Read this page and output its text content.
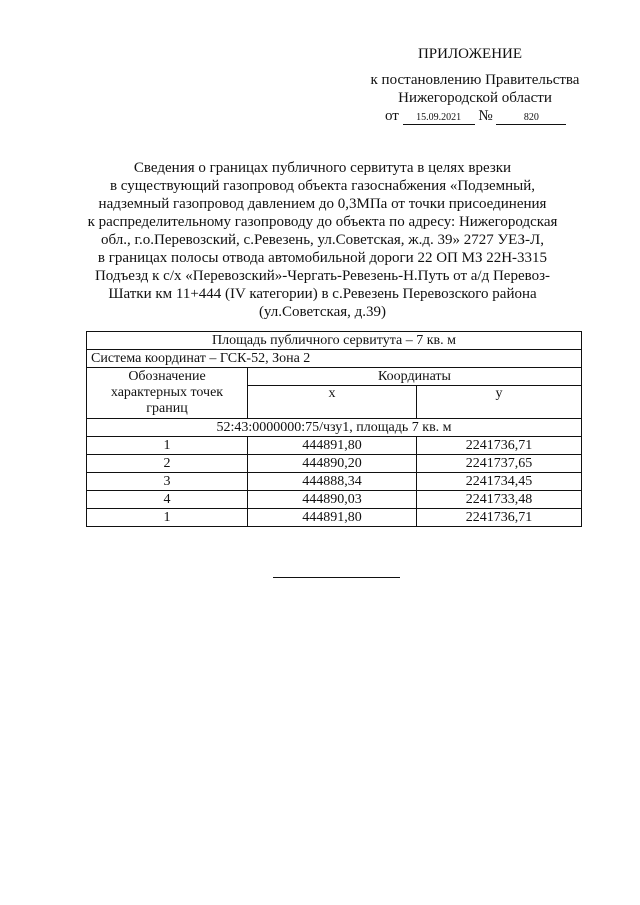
ПРИЛОЖЕНИЕ
к постановлению Правительства
Нижегородской области
от 15.09.2021 №	820
Сведения о границах публичного сервитута в целях врезки
в существующий газопровод объекта газоснабжения «Подземный,
надземный газопровод давлением до 0,3МПа от точки присоединения
к распределительному газопроводу до объекта по адресу: Нижегородская
обл., г.о.Перевозский, с.Ревезень, ул.Советская, ж.д. 39» 2727 УЕЗ-Л,
в границах полосы отвода автомобильной дороги 22 ОП МЗ 22Н-3315
Подъезд к с/х «Перевозский»-Чергать-Ревезень-Н.Путь от а/д Перевоз-
Шатки км 11+444 (IV категории) в с.Ревезень Перевозского района
(ул.Советская, д.39)
Площадь публичного сервитута – 7 кв. м		
Система координат – ГСК-52, Зона 2		
Обозначение характерных точек границ	Координаты	
	x	y
52:43:0000000:75/чзу1, площадь 7 кв. м		
1	444891,80	2241736,71
2	444890,20	2241737,65
3	444888,34	2241734,45
4	444890,03	2241733,48
1	444891,80	2241736,71
